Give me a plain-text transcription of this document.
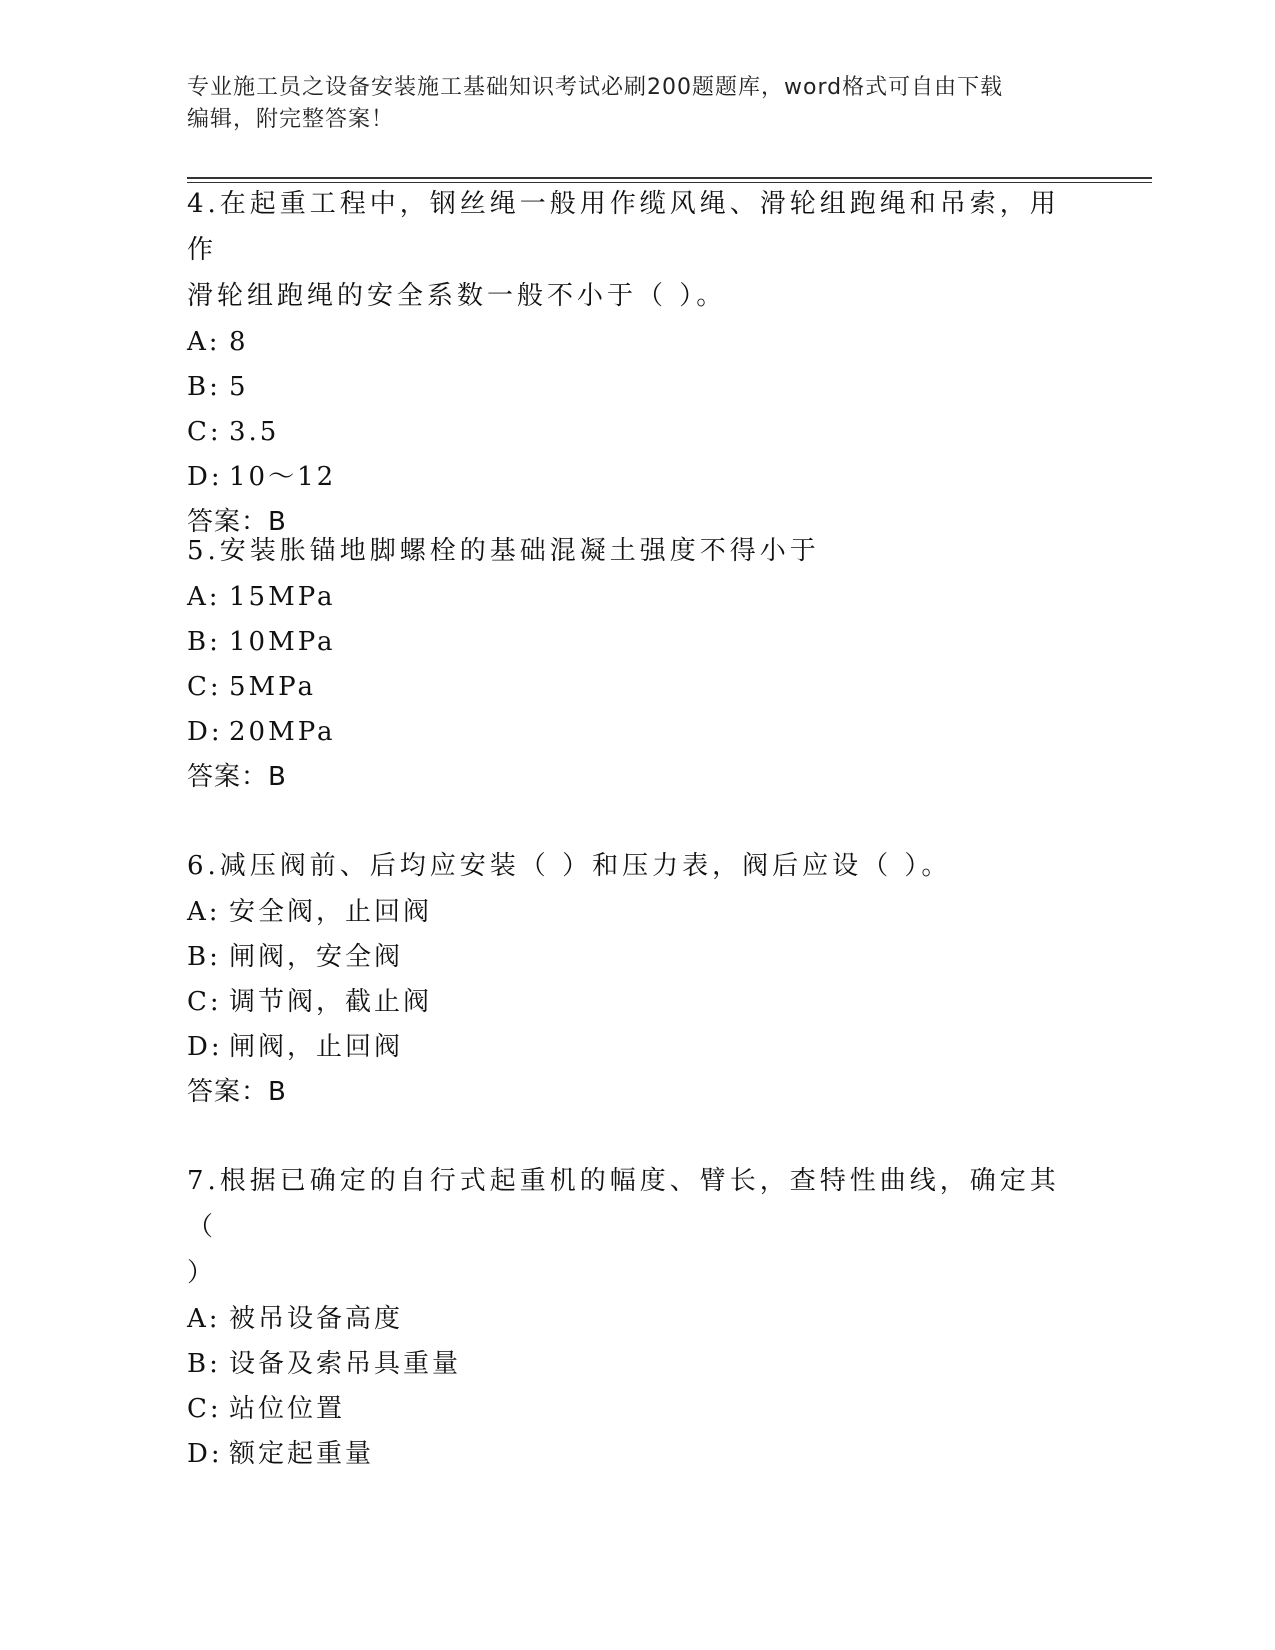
专业施工员之设备安装施工基础知识考试必刷200题题库，word格式可自由下载
编辑，附完整答案！
4.在起重工程中，钢丝绳一般用作缆风绳、滑轮组跑绳和吊索，用作
滑轮组跑绳的安全系数一般不小于（ ）。
A: 8
B: 5
C: 3.5
D: 10～12
答案：B
5.安装胀锚地脚螺栓的基础混凝土强度不得小于
A: 15MPa
B: 10MPa
C: 5MPa
D: 20MPa
答案：B
6.减压阀前、后均应安装（ ）和压力表，阀后应设（ ）。
A: 安全阀，止回阀
B: 闸阀，安全阀
C: 调节阀，截止阀
D: 闸阀，止回阀
答案：B
7.根据已确定的自行式起重机的幅度、臂长，查特性曲线，确定其（
）
A: 被吊设备高度
B: 设备及索吊具重量
C: 站位位置
D: 额定起重量
